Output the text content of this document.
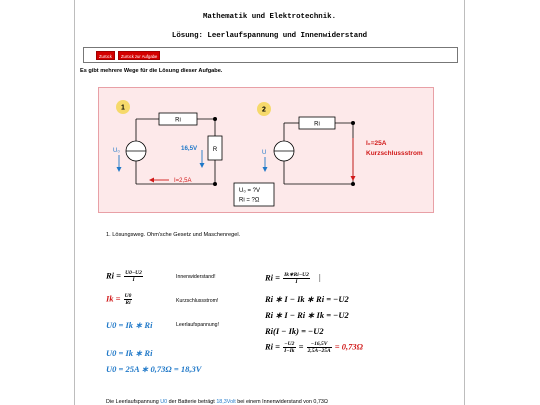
Mathematik und Elektrotechnik.
Lösung: Leerlaufspannung und Innenwiderstand
Zurück	Zurück zur Aufgabe
Es gibt mehrere Wege für die Lösung dieser Aufgabe.
1
Ri
R
U₀	16,5V
I=2,5A
2
Ri
U
I₀=25A
Kurzschlussstrom
U₀ = ?V
Ri = ?Ω
1. Lösungsweg. Ohm'sche Gesetz und Maschenregel.
$Ri = \frac{U0-U2}{I}$	Innenwiderstand!
$Ik = \frac{U0}{Ri}$	Kurzschlussstrom!
U0 = Ik ∗ Ri	Leerlaufspannung!
U0 = Ik ∗ Ri
U0 = 25A ∗ 0,73Ω = 18,3V
$Ri = \frac{Ik∗Ri-U2}{I}$ |
Ri ∗ I − Ik ∗ Ri = −U2
Ri ∗ I − Ri ∗ Ik = −U2
Ri(I − Ik) = −U2
$Ri = \frac{-U2}{I-Ik} = \frac{-16,5V}{2,5A-25A} = 0,73\Omega$
Die Leerlaufspannung U0 der Batterie beträgt 18,3Volt bei einem Innenwiderstand von 0,73Ω
